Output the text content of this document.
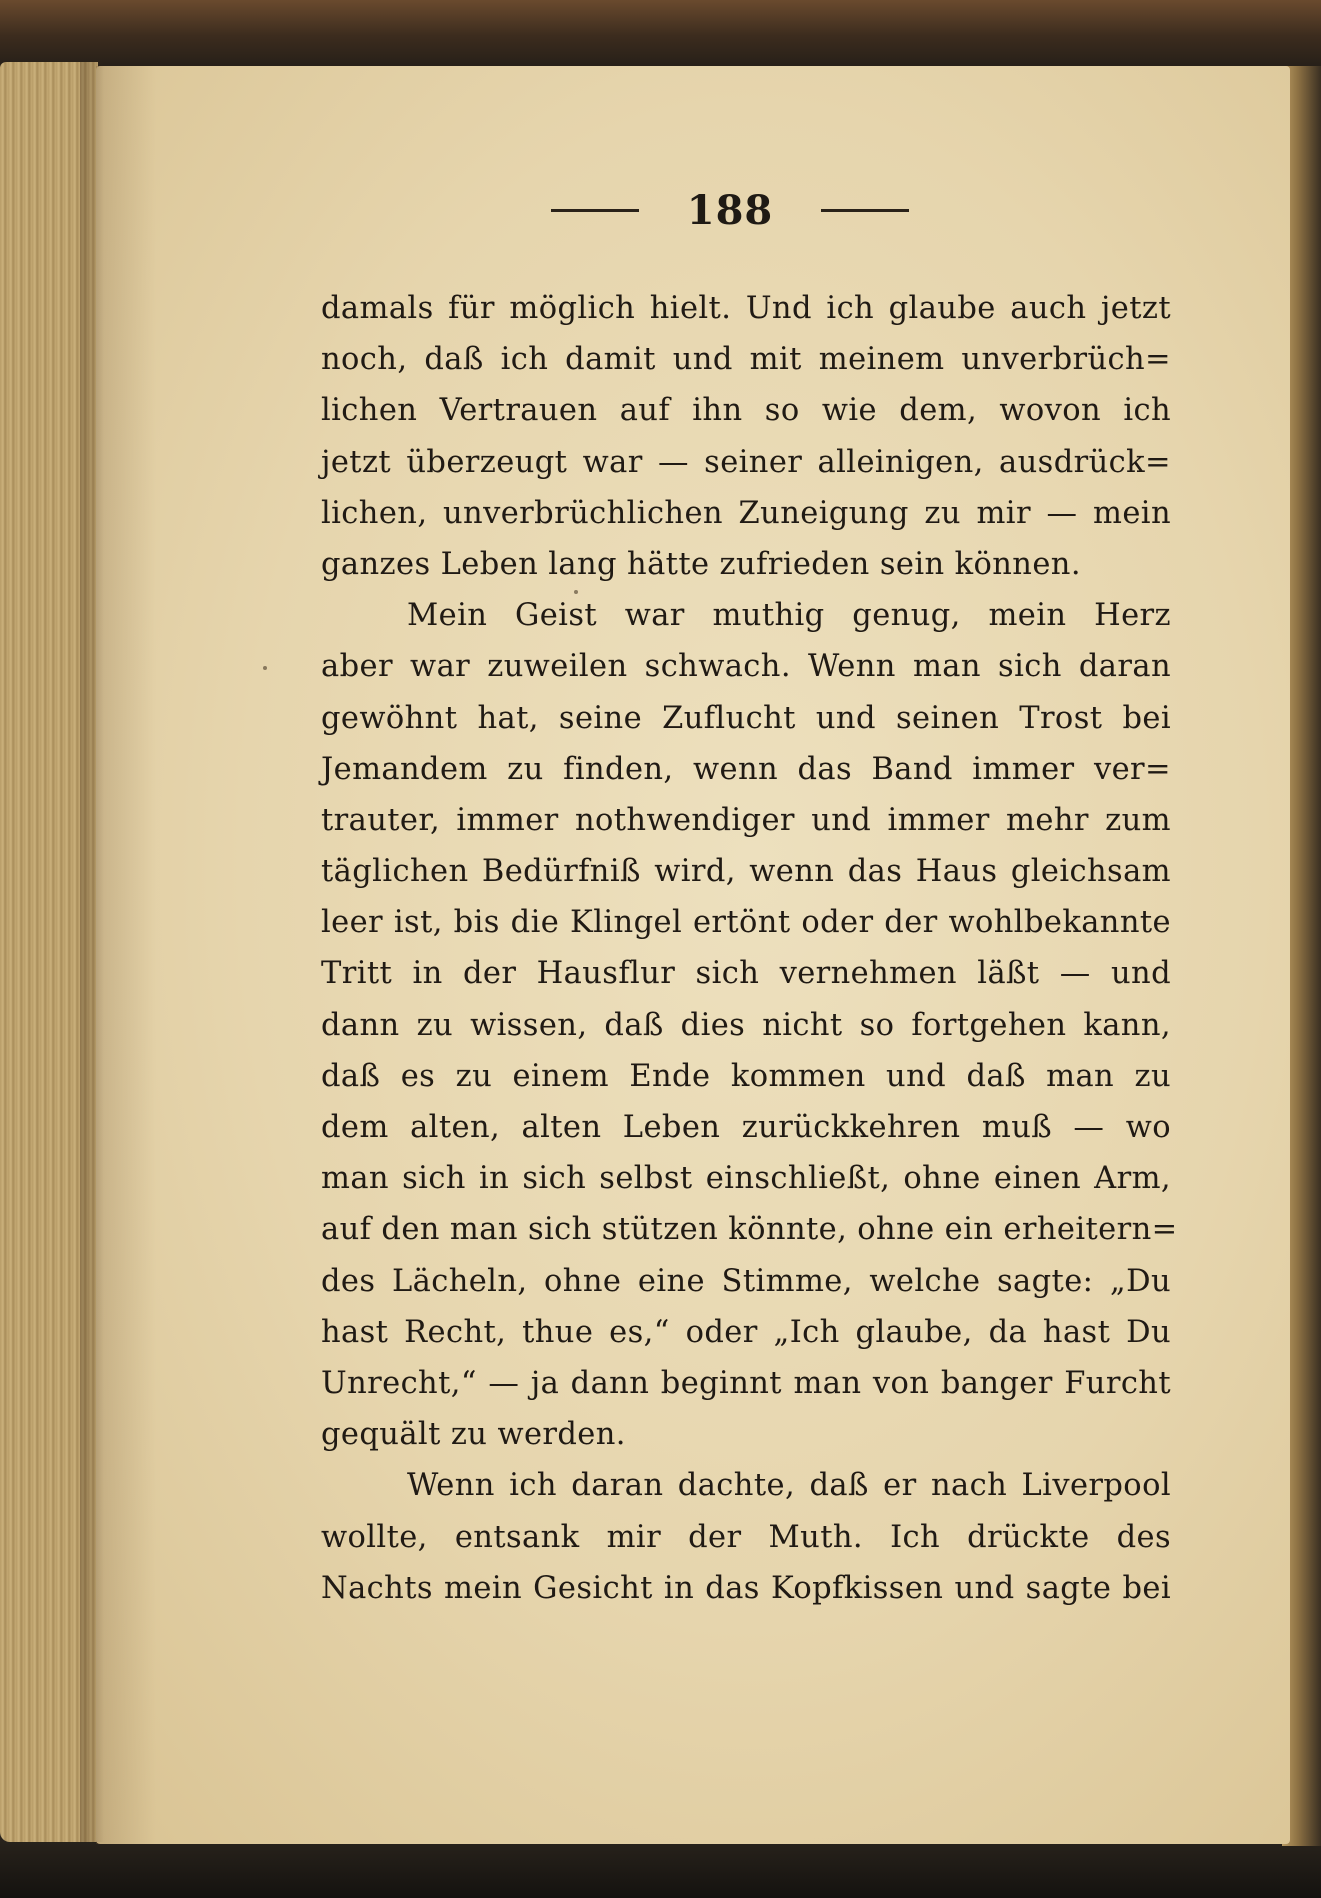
188
damals für möglich hielt. Und ich glaube auch jetzt
noch, daß ich damit und mit meinem unverbrüch=
lichen Vertrauen auf ihn so wie dem, wovon ich
jetzt überzeugt war — seiner alleinigen, ausdrück=
lichen, unverbrüchlichen Zuneigung zu mir — mein
ganzes Leben lang hätte zufrieden sein können.
Mein Geist war muthig genug, mein Herz
aber war zuweilen schwach. Wenn man sich daran
gewöhnt hat, seine Zuflucht und seinen Trost bei
Jemandem zu finden, wenn das Band immer ver=
trauter, immer nothwendiger und immer mehr zum
täglichen Bedürfniß wird, wenn das Haus gleichsam
leer ist, bis die Klingel ertönt oder der wohlbekannte
Tritt in der Hausflur sich vernehmen läßt — und
dann zu wissen, daß dies nicht so fortgehen kann,
daß es zu einem Ende kommen und daß man zu
dem alten, alten Leben zurückkehren muß — wo
man sich in sich selbst einschließt, ohne einen Arm,
auf den man sich stützen könnte, ohne ein erheitern=
des Lächeln, ohne eine Stimme, welche sagte: „Du
hast Recht, thue es,“ oder „Ich glaube, da hast Du
Unrecht,“ — ja dann beginnt man von banger Furcht
gequält zu werden.
Wenn ich daran dachte, daß er nach Liverpool
wollte, entsank mir der Muth. Ich drückte des
Nachts mein Gesicht in das Kopfkissen und sagte bei
